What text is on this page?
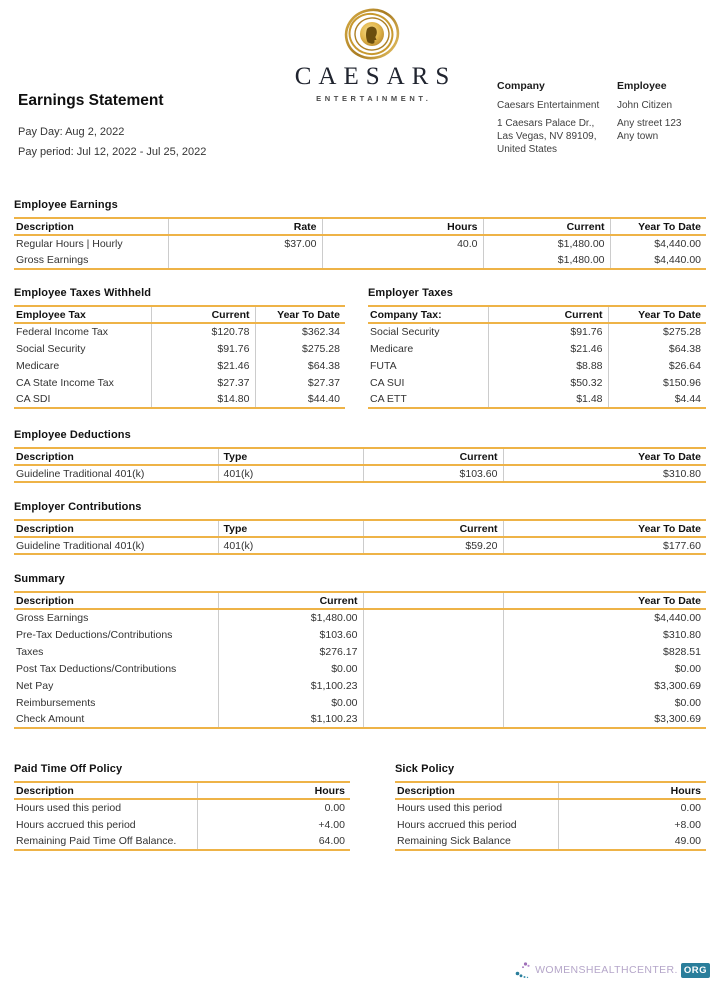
CAESARS
ENTERTAINMENT.
Company
Caesars Entertainment
1 Caesars Palace Dr.,
Las Vegas, NV 89109,
United States
Employee
John Citizen
Any street 123
Any town
Earnings Statement
Pay Day: Aug 2, 2022
Pay period: Jul 12, 2022 - Jul 25, 2022
Employee Earnings
Description	Rate	Hours	Current	Year To Date
Regular Hours | Hourly	$37.00	40.0	$1,480.00	$4,440.00
Gross Earnings			$1,480.00	$4,440.00
Employee Taxes Withheld
Employee Tax	Current	Year To Date
Federal Income Tax	$120.78	$362.34
Social Security	$91.76	$275.28
Medicare	$21.46	$64.38
CA State Income Tax	$27.37	$27.37
CA SDI	$14.80	$44.40
Employer Taxes
Company Tax:	Current	Year To Date
Social Security	$91.76	$275.28
Medicare	$21.46	$64.38
FUTA	$8.88	$26.64
CA SUI	$50.32	$150.96
CA ETT	$1.48	$4.44
Employee Deductions
Description	Type	Current	Year To Date
Guideline Traditional 401(k)	401(k)	$103.60	$310.80
Employer Contributions
Description	Type	Current	Year To Date
Guideline Traditional 401(k)	401(k)	$59.20	$177.60
Summary
Description	Current		Year To Date
Gross Earnings	$1,480.00		$4,440.00
Pre-Tax Deductions/Contributions	$103.60		$310.80
Taxes	$276.17		$828.51
Post Tax Deductions/Contributions	$0.00		$0.00
Net Pay	$1,100.23		$3,300.69
Reimbursements	$0.00		$0.00
Check Amount	$1,100.23		$3,300.69
Paid Time Off Policy
Description	Hours
Hours used this period	0.00
Hours accrued this period	+4.00
Remaining Paid Time Off Balance.	64.00
Sick Policy
Description	Hours
Hours used this period	0.00
Hours accrued this period	+8.00
Remaining Sick Balance	49.00
WOMENSHEALTHCENTER. ORG
